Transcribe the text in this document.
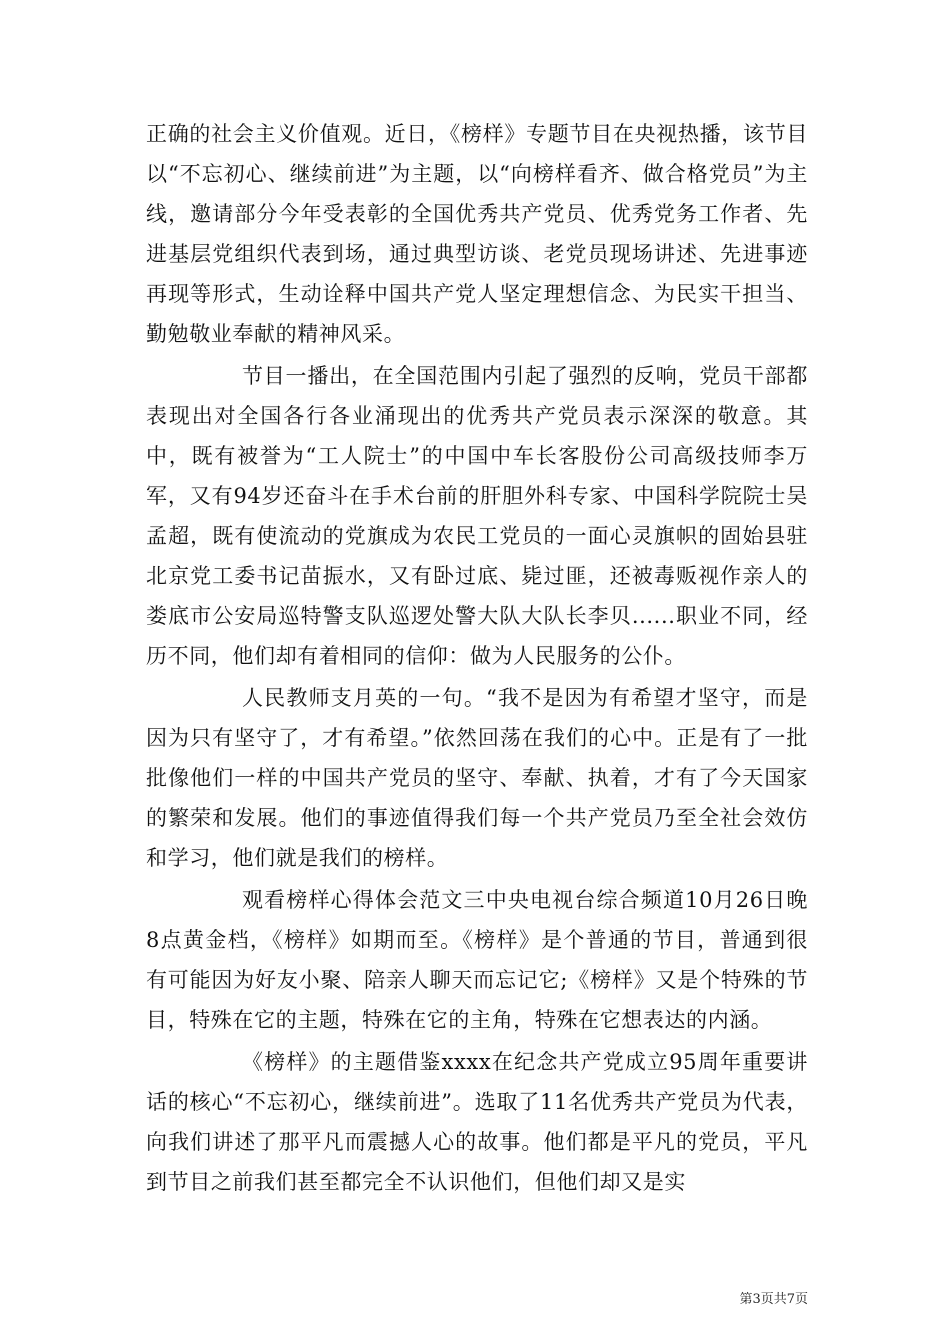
正确的社会主义价值观。近日，《榜样》专题节目在央视热播，该节目以“不忘初心、继续前进”为主题，以“向榜样看齐、做合格党员”为主线，邀请部分今年受表彰的全国优秀共产党员、优秀党务工作者、先进基层党组织代表到场，通过典型访谈、老党员现场讲述、先进事迹再现等形式，生动诠释中国共产党人坚定理想信念、为民实干担当、勤勉敬业奉献的精神风采。

节目一播出，在全国范围内引起了强烈的反响，党员干部都表现出对全国各行各业涌现出的优秀共产党员表示深深的敬意。其中，既有被誉为“工人院士”的中国中车长客股份公司高级技师李万军，又有94岁还奋斗在手术台前的肝胆外科专家、中国科学院院士吴孟超，既有使流动的党旗成为农民工党员的一面心灵旗帜的固始县驻北京党工委书记苗振水，又有卧过底、毙过匪，还被毒贩视作亲人的娄底市公安局巡特警支队巡逻处警大队大队长李贝......职业不同，经历不同，他们却有着相同的信仰：做为人民服务的公仆。

人民教师支月英的一句。“我不是因为有希望才坚守，而是因为只有坚守了，才有希望。”依然回荡在我们的心中。正是有了一批批像他们一样的中国共产党员的坚守、奉献、执着，才有了今天国家的繁荣和发展。他们的事迹值得我们每一个共产党员乃至全社会效仿和学习，他们就是我们的榜样。

观看榜样心得体会范文三中央电视台综合频道10月26日晚8点黄金档，《榜样》如期而至。《榜样》是个普通的节目，普通到很有可能因为好友小聚、陪亲人聊天而忘记它;《榜样》又是个特殊的节目，特殊在它的主题，特殊在它的主角，特殊在它想表达的内涵。

《榜样》的主题借鉴xxxx在纪念共产党成立95周年重要讲话的核心“不忘初心，继续前进”。选取了11名优秀共产党员为代表，向我们讲述了那平凡而震撼人心的故事。他们都是平凡的党员，平凡到节目之前我们甚至都完全不认识他们，但他们却又是实

第3页共7页
